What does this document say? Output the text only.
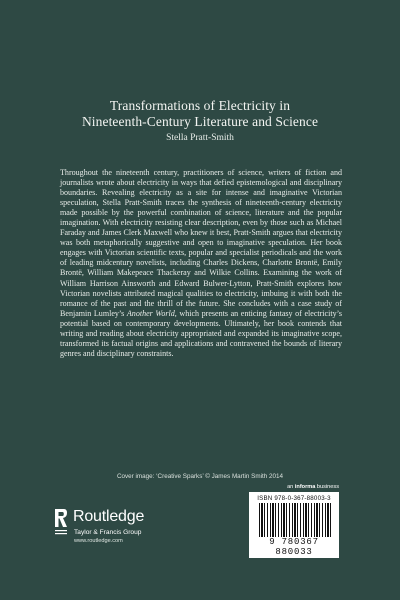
Transformations of Electricity in
Nineteenth-Century Literature and Science
Stella Pratt-Smith
Throughout the nineteenth century, practitioners of science, writers of fiction and journalists wrote about electricity in ways that defied epistemological and disciplinary boundaries. Revealing electricity as a site for intense and imaginative Victorian speculation, Stella Pratt-Smith traces the synthesis of nineteenth-century electricity made possible by the powerful combination of science, literature and the popular imagination. With electricity resisting clear description, even by those such as Michael Faraday and James Clerk Maxwell who knew it best, Pratt-Smith argues that electricity was both metaphorically suggestive and open to imaginative speculation. Her book engages with Victorian scientific texts, popular and specialist periodicals and the work of leading midcentury novelists, including Charles Dickens, Charlotte Brontë, Emily Brontë, William Makepeace Thackeray and Wilkie Collins. Examining the work of William Harrison Ainsworth and Edward Bulwer-Lytton, Pratt-Smith explores how Victorian novelists attributed magical qualities to electricity, imbuing it with both the romance of the past and the thrill of the future. She concludes with a case study of Benjamin Lumley’s Another World, which presents an enticing fantasy of electricity’s potential based on contemporary developments. Ultimately, her book contends that writing and reading about electricity appropriated and expanded its imaginative scope, transformed its factual origins and applications and contravened the bounds of literary genres and disciplinary constraints.
Cover image: ‘Creative Sparks’ © James Martin Smith 2014
an informa business
ISBN 978-0-367-88003-3
9 780367 880033
Routledge
Taylor & Francis Group
www.routledge.com
